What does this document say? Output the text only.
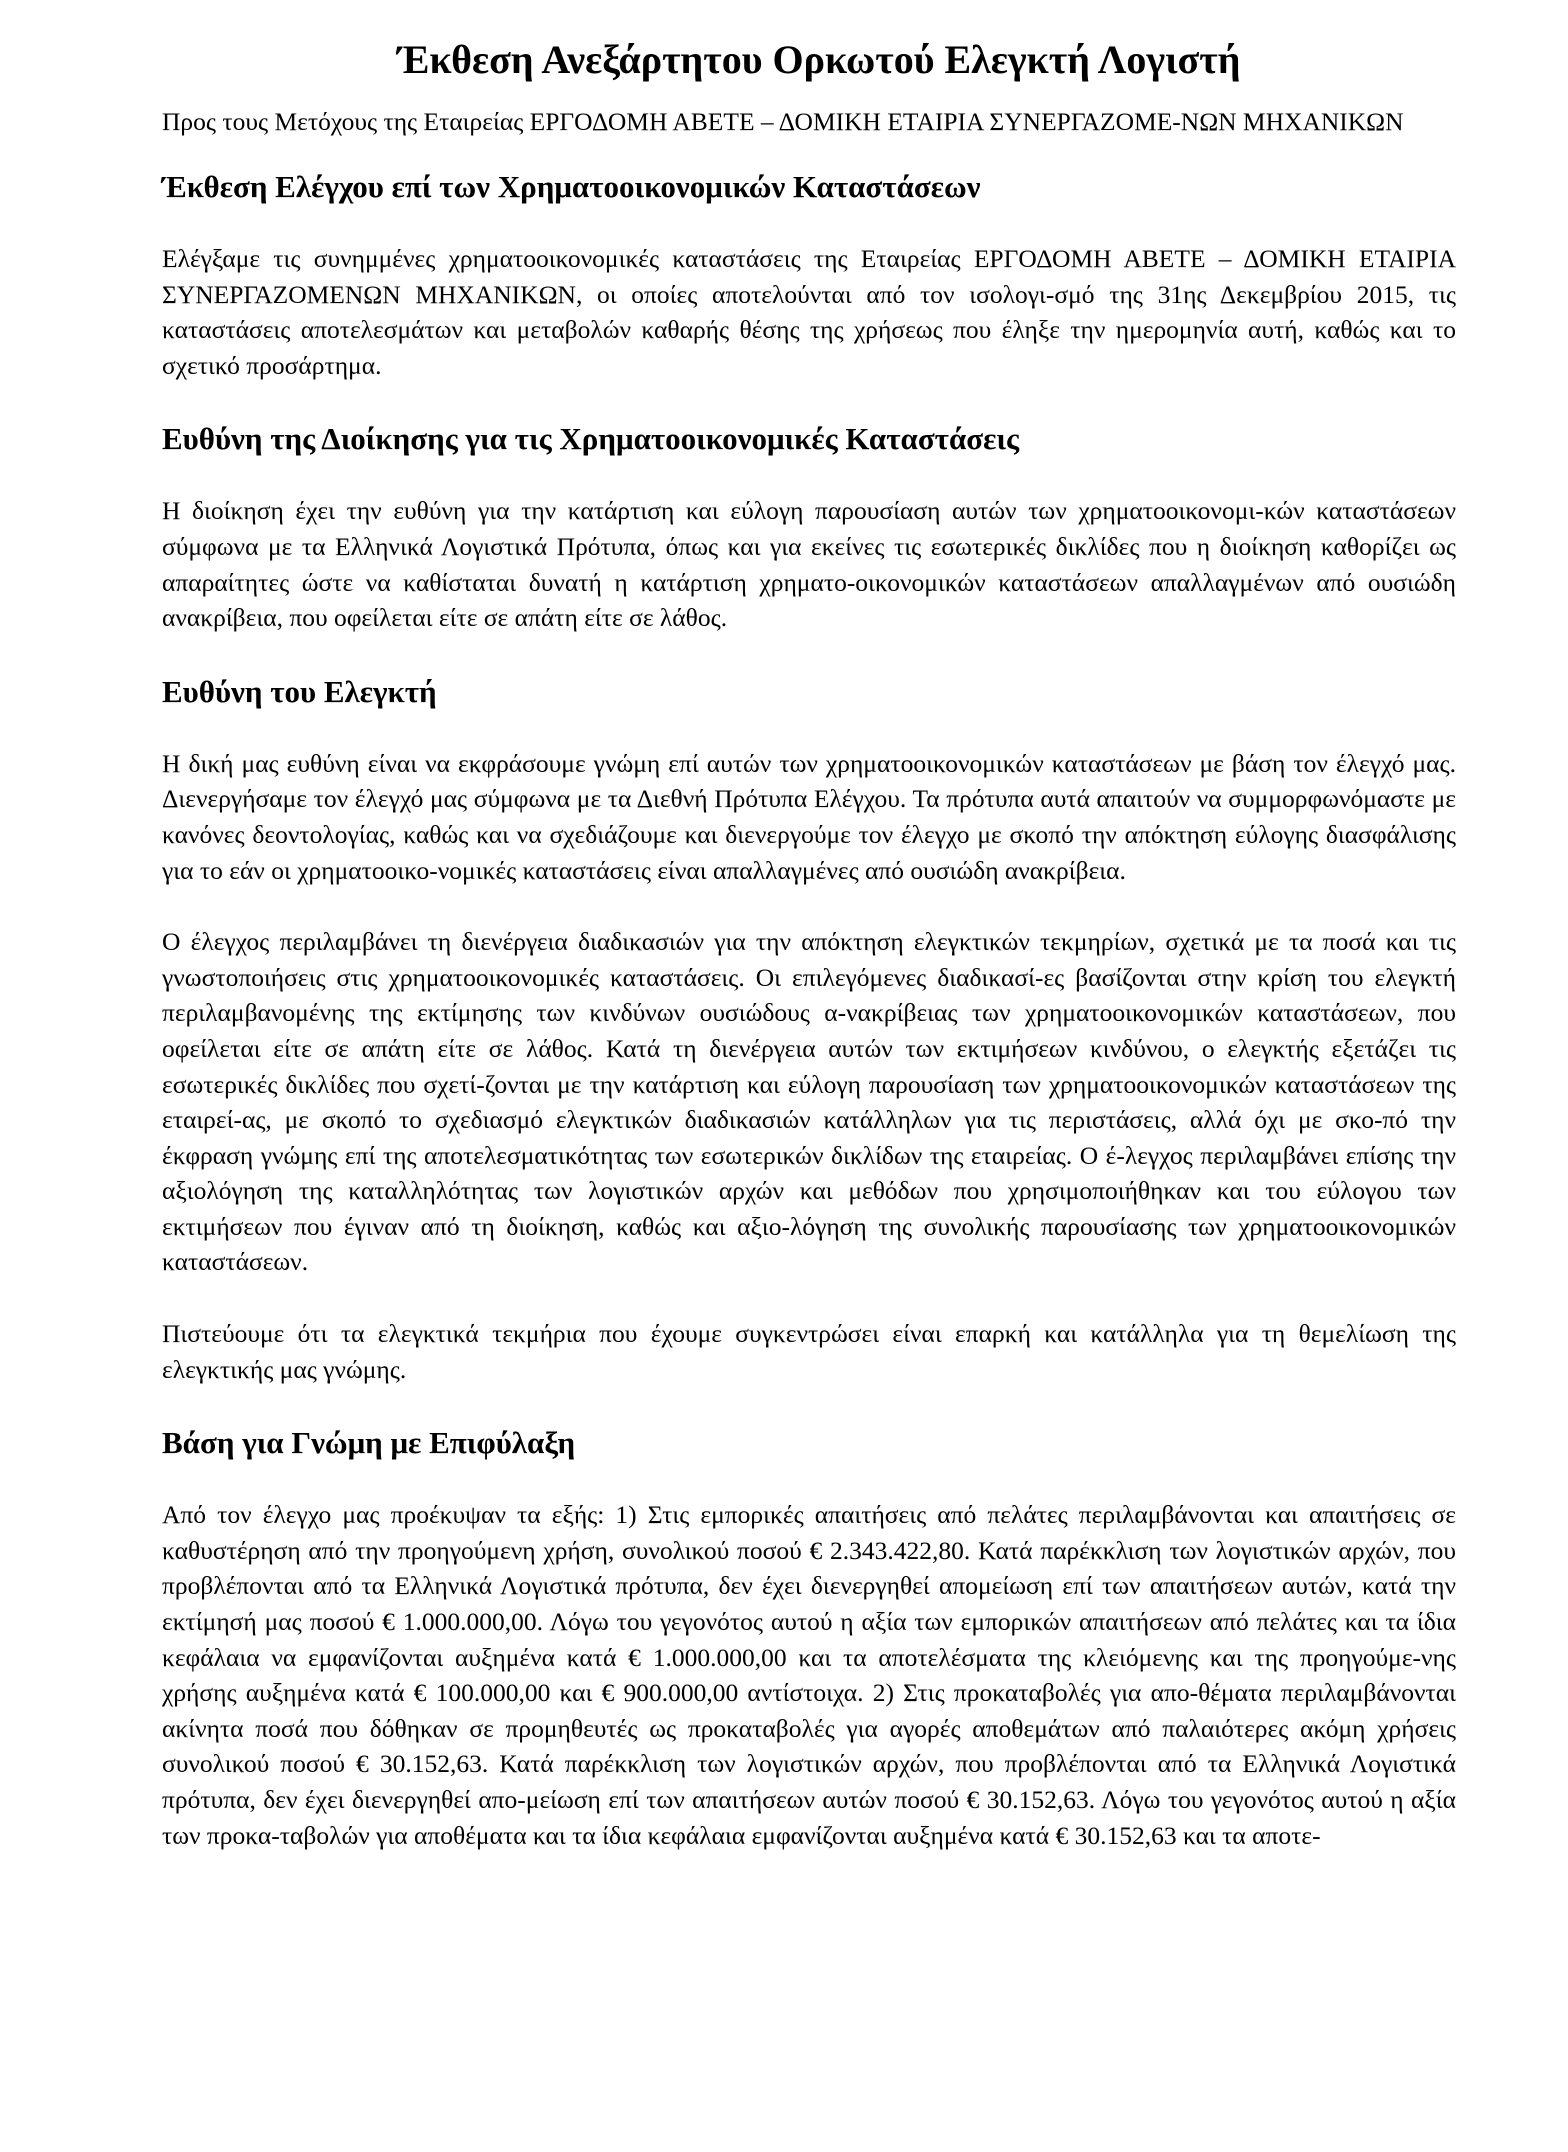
Έκθεση Ανεξάρτητου Ορκωτού Ελεγκτή Λογιστή
Προς τους Μετόχους της Εταιρείας ΕΡΓΟΔΟΜΗ ΑΒΕΤΕ – ΔΟΜΙΚΗ ΕΤΑΙΡΙΑ ΣΥΝΕΡΓΑΖΟΜΕ-ΝΩΝ ΜΗΧΑΝΙΚΩΝ
Έκθεση Ελέγχου επί των Χρηματοοικονομικών Καταστάσεων

Ελέγξαμε τις συνημμένες χρηματοοικονομικές καταστάσεις της Εταιρείας ΕΡΓΟΔΟΜΗ ΑΒΕΤΕ – ΔΟΜΙΚΗ ΕΤΑΙΡΙΑ ΣΥΝΕΡΓΑΖΟΜΕΝΩΝ ΜΗΧΑΝΙΚΩΝ, οι οποίες αποτελούνται από τον ισολογι-σμό της 31ης Δεκεμβρίου 2015, τις καταστάσεις αποτελεσμάτων και μεταβολών καθαρής θέσης της χρήσεως που έληξε την ημερομηνία αυτή, καθώς και το σχετικό προσάρτημα.

Ευθύνη της Διοίκησης για τις Χρηματοοικονομικές Καταστάσεις

Η διοίκηση έχει την ευθύνη για την κατάρτιση και εύλογη παρουσίαση αυτών των χρηματοοικονομι-κών καταστάσεων σύμφωνα με τα Ελληνικά Λογιστικά Πρότυπα, όπως και για εκείνες τις εσωτερικές δικλίδες που η διοίκηση καθορίζει ως απαραίτητες ώστε να καθίσταται δυνατή η κατάρτιση χρηματο-οικονομικών καταστάσεων απαλλαγμένων από ουσιώδη ανακρίβεια, που οφείλεται είτε σε απάτη είτε σε λάθος.

Ευθύνη του Ελεγκτή

Η δική μας ευθύνη είναι να εκφράσουμε γνώμη επί αυτών των χρηματοοικονομικών καταστάσεων με βάση τον έλεγχό μας. Διενεργήσαμε τον έλεγχό μας σύμφωνα με τα Διεθνή Πρότυπα Ελέγχου. Τα πρότυπα αυτά απαιτούν να συμμορφωνόμαστε με κανόνες δεοντολογίας, καθώς και να σχεδιάζουμε και διενεργούμε τον έλεγχο με σκοπό την απόκτηση εύλογης διασφάλισης για το εάν οι χρηματοοικο-νομικές καταστάσεις είναι απαλλαγμένες από ουσιώδη ανακρίβεια.

Ο έλεγχος περιλαμβάνει τη διενέργεια διαδικασιών για την απόκτηση ελεγκτικών τεκμηρίων, σχετικά με τα ποσά και τις γνωστοποιήσεις στις χρηματοοικονομικές καταστάσεις. Οι επιλεγόμενες διαδικασί-ες βασίζονται στην κρίση του ελεγκτή περιλαμβανομένης της εκτίμησης των κινδύνων ουσιώδους α-νακρίβειας των χρηματοοικονομικών καταστάσεων, που οφείλεται είτε σε απάτη είτε σε λάθος. Κατά τη διενέργεια αυτών των εκτιμήσεων κινδύνου, ο ελεγκτής εξετάζει τις εσωτερικές δικλίδες που σχετί-ζονται με την κατάρτιση και εύλογη παρουσίαση των χρηματοοικονομικών καταστάσεων της εταιρεί-ας, με σκοπό το σχεδιασμό ελεγκτικών διαδικασιών κατάλληλων για τις περιστάσεις, αλλά όχι με σκο-πό την έκφραση γνώμης επί της αποτελεσματικότητας των εσωτερικών δικλίδων της εταιρείας. Ο έ-λεγχος περιλαμβάνει επίσης την αξιολόγηση της καταλληλότητας των λογιστικών αρχών και μεθόδων που χρησιμοποιήθηκαν και του εύλογου των εκτιμήσεων που έγιναν από τη διοίκηση, καθώς και αξιο-λόγηση της συνολικής παρουσίασης των χρηματοοικονομικών καταστάσεων.

Πιστεύουμε ότι τα ελεγκτικά τεκμήρια που έχουμε συγκεντρώσει είναι επαρκή και κατάλληλα για τη θεμελίωση της ελεγκτικής μας γνώμης.

Βάση για Γνώμη με Επιφύλαξη

Από τον έλεγχο μας προέκυψαν τα εξής: 1) Στις εμπορικές απαιτήσεις από πελάτες περιλαμβάνονται και απαιτήσεις σε καθυστέρηση από την προηγούμενη χρήση, συνολικού ποσού € 2.343.422,80. Κατά παρέκκλιση των λογιστικών αρχών, που προβλέπονται από τα Ελληνικά Λογιστικά πρότυπα, δεν έχει διενεργηθεί απομείωση επί των απαιτήσεων αυτών, κατά την εκτίμησή μας ποσού € 1.000.000,00. Λόγω του γεγονότος αυτού η αξία των εμπορικών απαιτήσεων από πελάτες και τα ίδια κεφάλαια να εμφανίζονται αυξημένα κατά € 1.000.000,00 και τα αποτελέσματα της κλειόμενης και της προηγούμε-νης χρήσης αυξημένα κατά € 100.000,00 και € 900.000,00 αντίστοιχα. 2) Στις προκαταβολές για απο-θέματα περιλαμβάνονται ακίνητα ποσά που δόθηκαν σε προμηθευτές ως προκαταβολές για αγορές αποθεμάτων από παλαιότερες ακόμη χρήσεις συνολικού ποσού € 30.152,63. Κατά παρέκκλιση των λογιστικών αρχών, που προβλέπονται από τα Ελληνικά Λογιστικά πρότυπα, δεν έχει διενεργηθεί απο-μείωση επί των απαιτήσεων αυτών ποσού € 30.152,63. Λόγω του γεγονότος αυτού η αξία των προκα-ταβολών για αποθέματα και τα ίδια κεφάλαια εμφανίζονται αυξημένα κατά € 30.152,63 και τα αποτε-
